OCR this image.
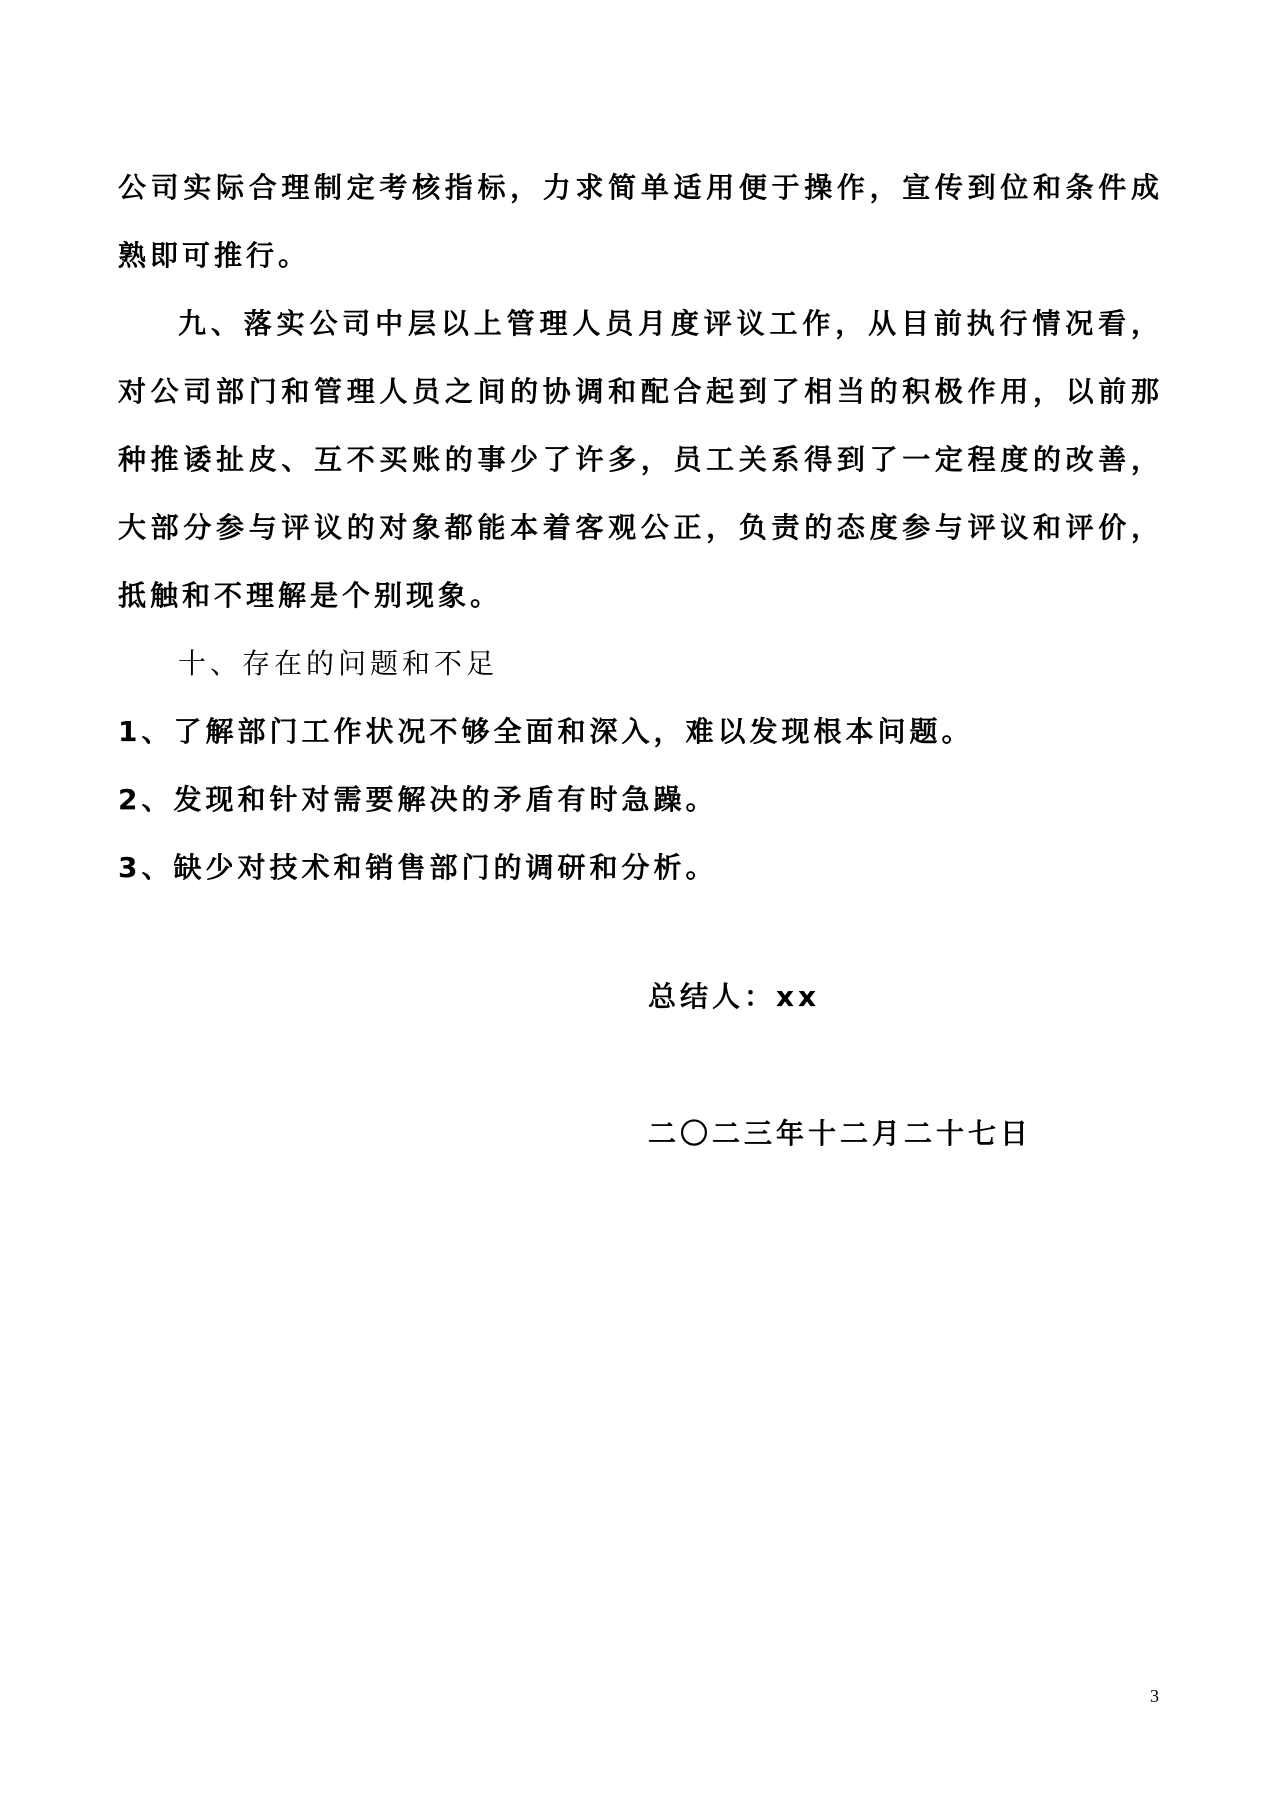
公司实际合理制定考核指标，力求简单适用便于操作，宣传到位和条件成熟即可推行。

九、落实公司中层以上管理人员月度评议工作，从目前执行情况看，对公司部门和管理人员之间的协调和配合起到了相当的积极作用，以前那种推诿扯皮、互不买账的事少了许多，员工关系得到了一定程度的改善，大部分参与评议的对象都能本着客观公正，负责的态度参与评议和评价，抵触和不理解是个别现象。

十、存在的问题和不足

1、了解部门工作状况不够全面和深入，难以发现根本问题。

2、发现和针对需要解决的矛盾有时急躁。

3、缺少对技术和销售部门的调研和分析。

总结人：xx
二〇二三年十二月二十七日
3
